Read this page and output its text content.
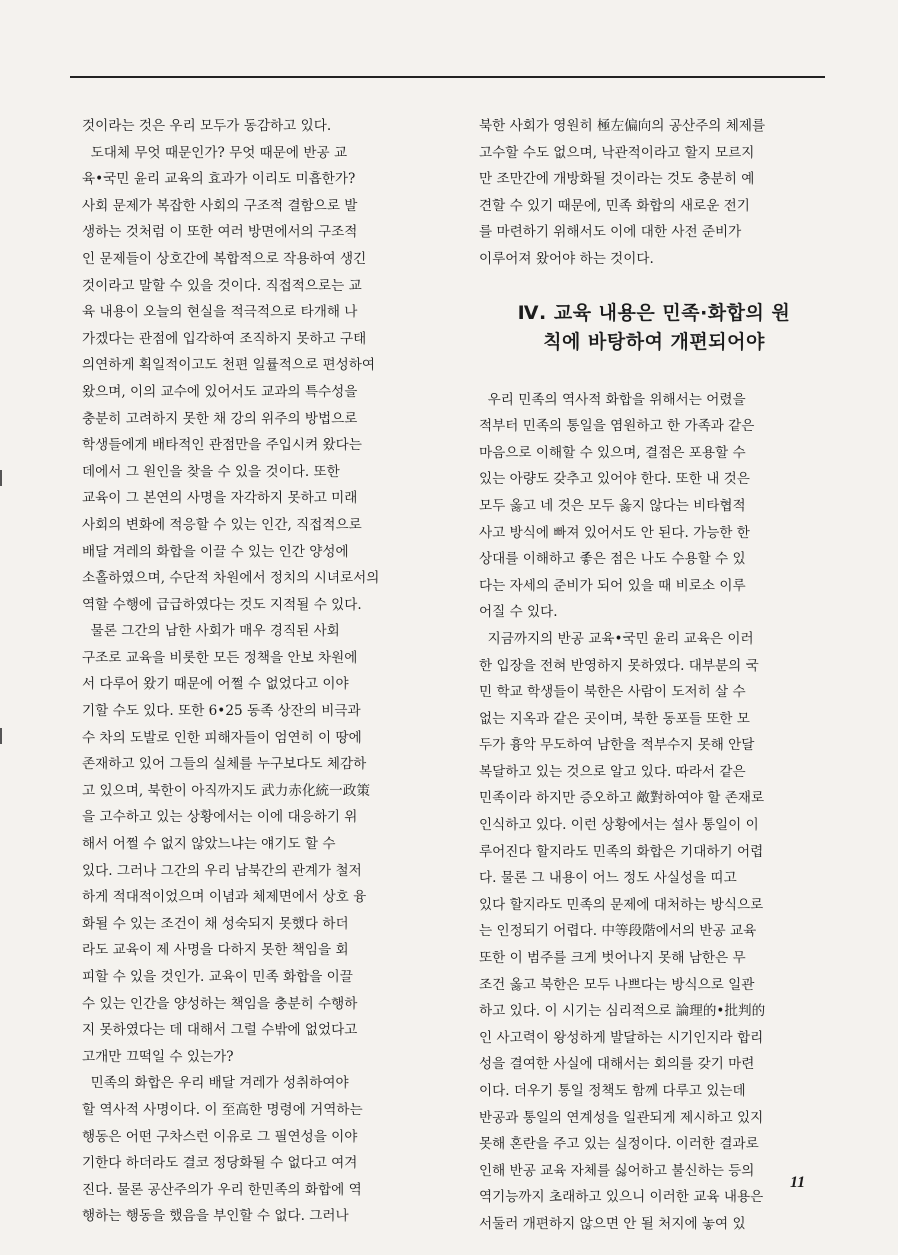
것이라는 것은 우리 모두가 동감하고 있다.

도대체 무엇 때문인가? 무엇 때문에 반공 교

육•국민 윤리 교육의 효과가 이리도 미흡한가?

사회 문제가 복잡한 사회의 구조적 결함으로 발

생하는 것처럼 이 또한 여러 방면에서의 구조적

인 문제들이 상호간에 복합적으로 작용하여 생긴

것이라고 말할 수 있을 것이다. 직접적으로는 교

육 내용이 오늘의 현실을 적극적으로 타개해 나

가겠다는 관점에 입각하여 조직하지 못하고 구태

의연하게 획일적이고도 천편 일률적으로 편성하여

왔으며, 이의 교수에 있어서도 교과의 특수성을

충분히 고려하지 못한 채 강의 위주의 방법으로

학생들에게 배타적인 관점만을 주입시켜 왔다는

데에서 그 원인을 찾을 수 있을 것이다. 또한

교육이 그 본연의 사명을 자각하지 못하고 미래

사회의 변화에 적응할 수 있는 인간, 직접적으로

배달 겨레의 화합을 이끌 수 있는 인간 양성에

소홀하였으며, 수단적 차원에서 정치의 시녀로서의

역할 수행에 급급하였다는 것도 지적될 수 있다.

물론 그간의 남한 사회가 매우 경직된 사회

구조로 교육을 비롯한 모든 정책을 안보 차원에

서 다루어 왔기 때문에 어쩔 수 없었다고 이야

기할 수도 있다. 또한 6•25 동족 상잔의 비극과

수 차의 도발로 인한 피해자들이 엄연히 이 땅에

존재하고 있어 그들의 실체를 누구보다도 체감하

고 있으며, 북한이 아직까지도 武力赤化統一政策

을 고수하고 있는 상황에서는 이에 대응하기 위

해서 어쩔 수 없지 않았느냐는 얘기도 할 수

있다. 그러나 그간의 우리 남북간의 관계가 철저

하게 적대적이었으며 이념과 체제면에서 상호 융

화될 수 있는 조건이 채 성숙되지 못했다 하더

라도 교육이 제 사명을 다하지 못한 책임을 회

피할 수 있을 것인가. 교육이 민족 화합을 이끌

수 있는 인간을 양성하는 책임을 충분히 수행하

지 못하였다는 데 대해서 그럴 수밖에 없었다고

고개만 끄떡일 수 있는가?

민족의 화합은 우리 배달 겨레가 성취하여야

할 역사적 사명이다. 이 至高한 명령에 거역하는

행동은 어떤 구차스런 이유로 그 필연성을 이야

기한다 하더라도 결코 정당화될 수 없다고 여겨

진다. 물론 공산주의가 우리 한민족의 화합에 역

행하는 행동을 했음을 부인할 수 없다. 그러나

북한 사회가 영원히 極左偏向의 공산주의 체제를

고수할 수도 없으며, 낙관적이라고 할지 모르지

만 조만간에 개방화될 것이라는 것도 충분히 예

견할 수 있기 때문에, 민족 화합의 새로운 전기

를 마련하기 위해서도 이에 대한 사전 준비가

이루어져 왔어야 하는 것이다.

Ⅳ. 교육 내용은 민족·화합의 원
칙에 바탕하여 개편되어야

우리 민족의 역사적 화합을 위해서는 어렸을

적부터 민족의 통일을 염원하고 한 가족과 같은

마음으로 이해할 수 있으며, 결점은 포용할 수

있는 아량도 갖추고 있어야 한다. 또한 내 것은

모두 옳고 네 것은 모두 옳지 않다는 비타협적

사고 방식에 빠져 있어서도 안 된다. 가능한 한

상대를 이해하고 좋은 점은 나도 수용할 수 있

다는 자세의 준비가 되어 있을 때 비로소 이루

어질 수 있다.

지금까지의 반공 교육•국민 윤리 교육은 이러

한 입장을 전혀 반영하지 못하였다. 대부분의 국

민 학교 학생들이 북한은 사람이 도저히 살 수

없는 지옥과 같은 곳이며, 북한 동포들 또한 모

두가 흉악 무도하여 남한을 적부수지 못해 안달

복달하고 있는 것으로 알고 있다. 따라서 같은

민족이라 하지만 증오하고 敵對하여야 할 존재로

인식하고 있다. 이런 상황에서는 설사 통일이 이

루어진다 할지라도 민족의 화합은 기대하기 어렵

다. 물론 그 내용이 어느 정도 사실성을 띠고

있다 할지라도 민족의 문제에 대처하는 방식으로

는 인정되기 어렵다. 中等段階에서의 반공 교육

또한 이 범주를 크게 벗어나지 못해 남한은 무

조건 옳고 북한은 모두 나쁘다는 방식으로 일관

하고 있다. 이 시기는 심리적으로 論理的•批判的

인 사고력이 왕성하게 발달하는 시기인지라 합리

성을 결여한 사실에 대해서는 회의를 갖기 마련

이다. 더우기 통일 정책도 함께 다루고 있는데

반공과 통일의 연계성을 일관되게 제시하고 있지

못해 혼란을 주고 있는 실정이다. 이러한 결과로

인해 반공 교육 자체를 싫어하고 불신하는 등의

역기능까지 초래하고 있으니 이러한 교육 내용은

서둘러 개편하지 않으면 안 될 처지에 놓여 있

11
